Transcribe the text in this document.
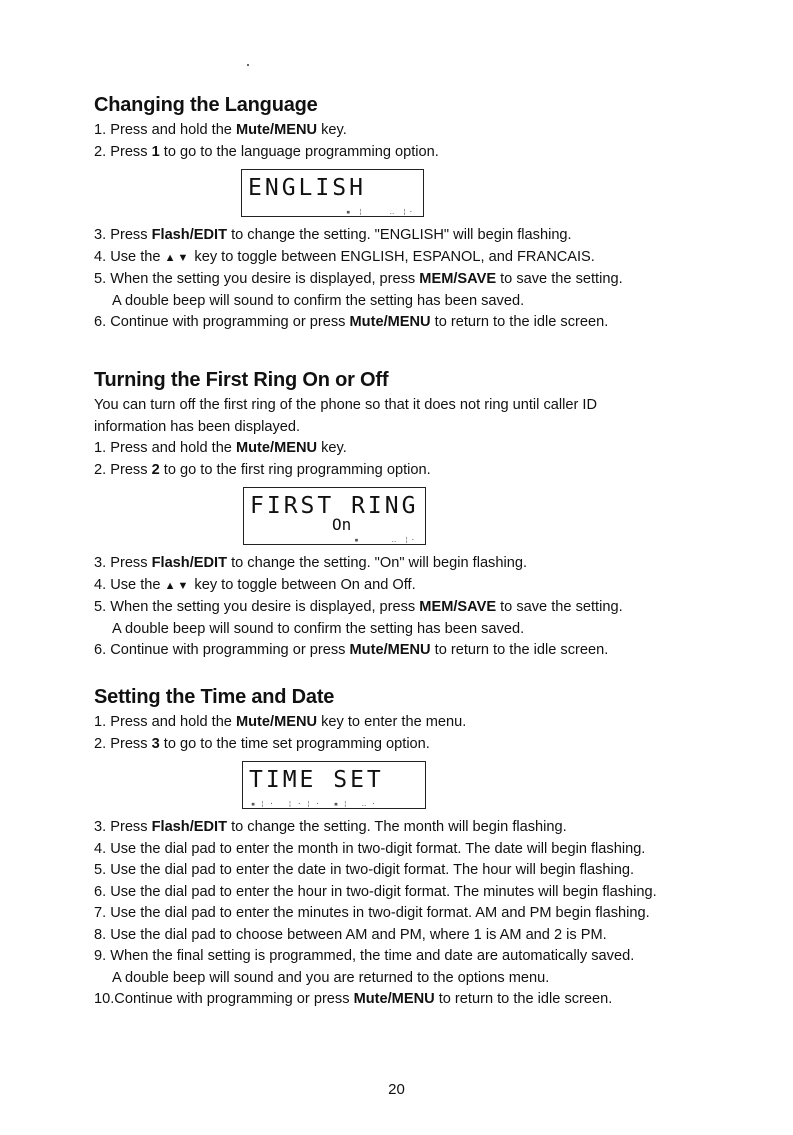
Changing the Language
1. Press and hold the Mute/MENU key.
2. Press 1 to go to the language programming option.
ENGLISH
▪ ¦    ‥ ¦·
3. Press Flash/EDIT to change the setting. "ENGLISH" will begin flashing.
4. Use the ▲▼ key to toggle between ENGLISH, ESPANOL, and FRANCAIS.
5. When the setting you desire is displayed, press MEM/SAVE to save the setting.
A double beep will sound to confirm the setting has been saved.
6. Continue with programming or press Mute/MENU to return to the idle screen.
Turning the First Ring On or Off
You can turn off the first ring of the phone so that it does not ring until caller ID
information has been displayed.
1. Press and hold the Mute/MENU key.
2. Press 2 to go to the first ring programming option.
FIRST RING
On
▪     ‥ ¦·
3. Press Flash/EDIT to change the setting. "On" will begin flashing.
4. Use the ▲▼ key to toggle between On and Off.
5. When the setting you desire is displayed, press MEM/SAVE to save the setting.
A double beep will sound to confirm the setting has been saved.
6. Continue with programming or press Mute/MENU to return to the idle screen.
Setting the Time and Date
1. Press and hold the Mute/MENU key to enter the menu.
2. Press 3 to go to the time set programming option.
TIME SET
▪¦· ¦·¦· ▪¦ ‥·
3. Press Flash/EDIT to change the setting. The month will begin flashing.
4. Use the dial pad to enter the month in two-digit format. The date will begin flashing.
5. Use the dial pad to enter the date in two-digit format. The hour will begin flashing.
6. Use the dial pad to enter the hour in two-digit format. The minutes will begin flashing.
7. Use the dial pad to enter the minutes in two-digit format. AM and PM begin flashing.
8. Use the dial pad to choose between AM and PM, where 1 is AM and 2 is PM.
9. When the final setting is programmed, the time and date are automatically saved.
A double beep will sound and you are returned to the options menu.
10.Continue with programming or press Mute/MENU to return to the idle screen.
20
